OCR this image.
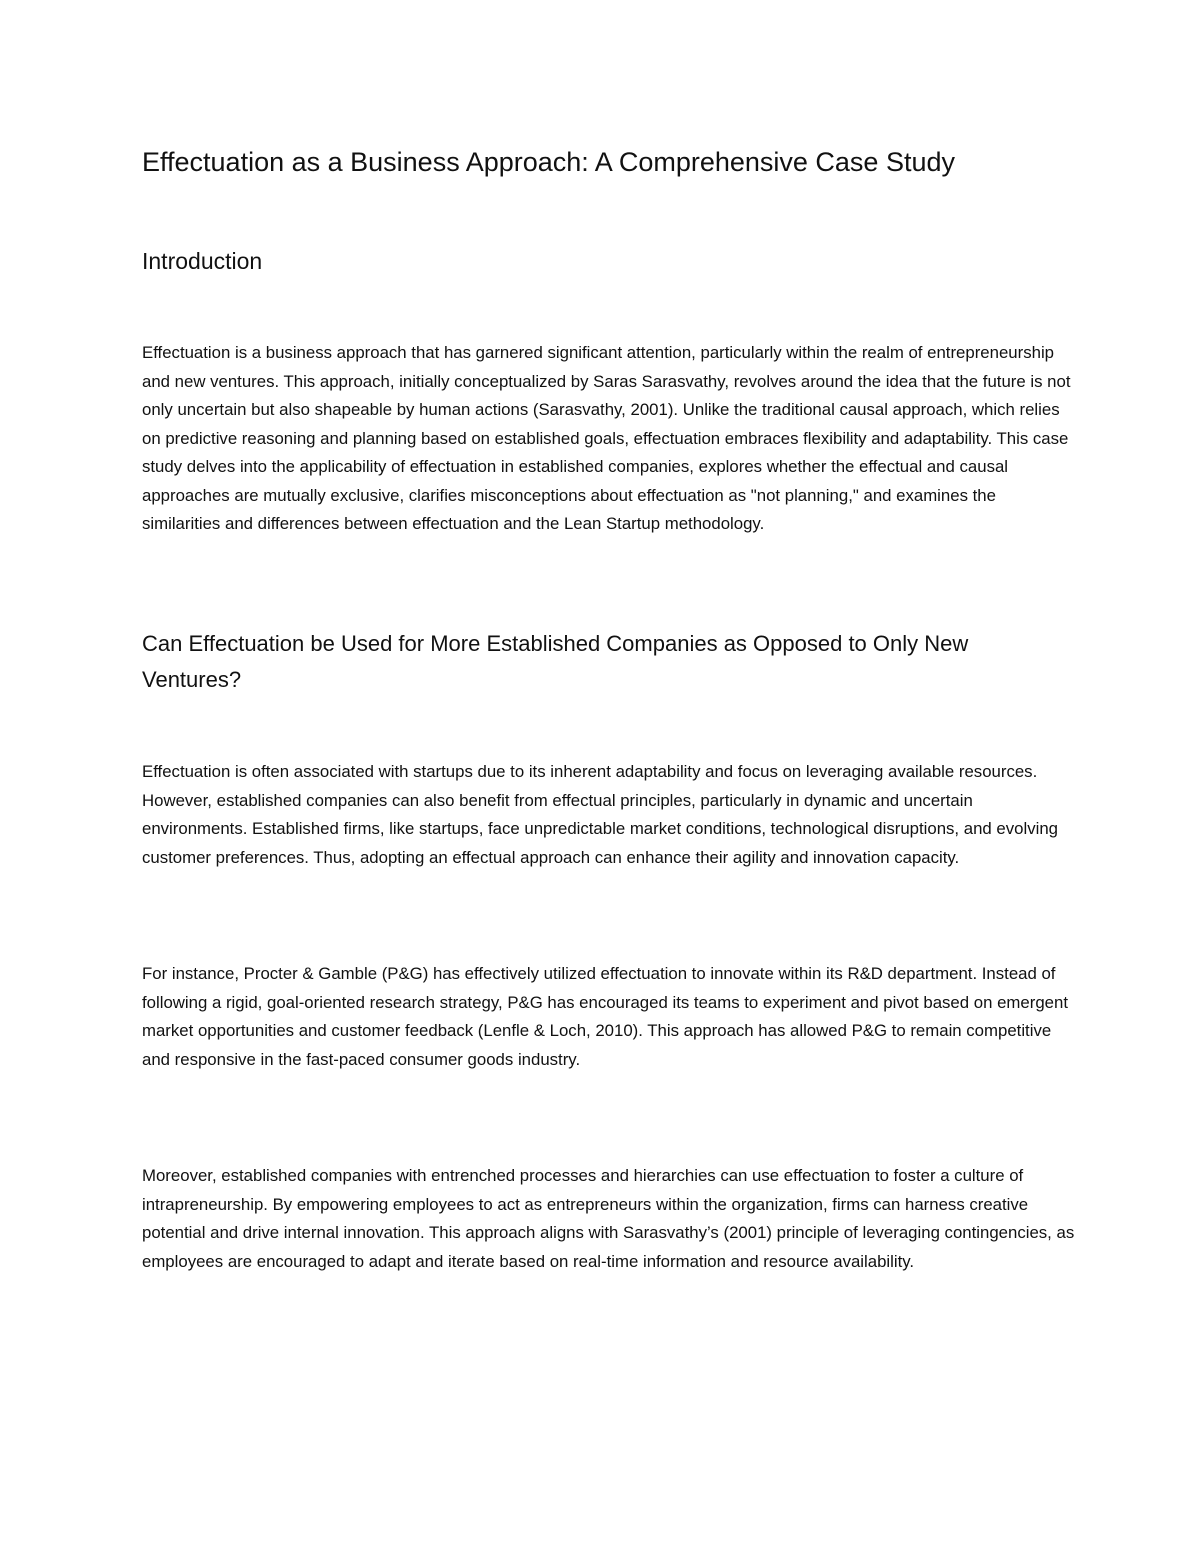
Effectuation as a Business Approach: A Comprehensive Case Study
Introduction

Effectuation is a business approach that has garnered significant attention, particularly within the realm of entrepreneurship and new ventures. This approach, initially conceptualized by Saras Sarasvathy, revolves around the idea that the future is not only uncertain but also shapeable by human actions (Sarasvathy, 2001). Unlike the traditional causal approach, which relies on predictive reasoning and planning based on established goals, effectuation embraces flexibility and adaptability. This case study delves into the applicability of effectuation in established companies, explores whether the effectual and causal approaches are mutually exclusive, clarifies misconceptions about effectuation as "not planning," and examines the similarities and differences between effectuation and the Lean Startup methodology.

Can Effectuation be Used for More Established Companies as Opposed to Only New Ventures?

Effectuation is often associated with startups due to its inherent adaptability and focus on leveraging available resources. However, established companies can also benefit from effectual principles, particularly in dynamic and uncertain environments. Established firms, like startups, face unpredictable market conditions, technological disruptions, and evolving customer preferences. Thus, adopting an effectual approach can enhance their agility and innovation capacity.

For instance, Procter & Gamble (P&G) has effectively utilized effectuation to innovate within its R&D department. Instead of following a rigid, goal-oriented research strategy, P&G has encouraged its teams to experiment and pivot based on emergent market opportunities and customer feedback (Lenfle & Loch, 2010). This approach has allowed P&G to remain competitive and responsive in the fast-paced consumer goods industry.

Moreover, established companies with entrenched processes and hierarchies can use effectuation to foster a culture of intrapreneurship. By empowering employees to act as entrepreneurs within the organization, firms can harness creative potential and drive internal innovation. This approach aligns with Sarasvathy’s (2001) principle of leveraging contingencies, as employees are encouraged to adapt and iterate based on real-time information and resource availability.
